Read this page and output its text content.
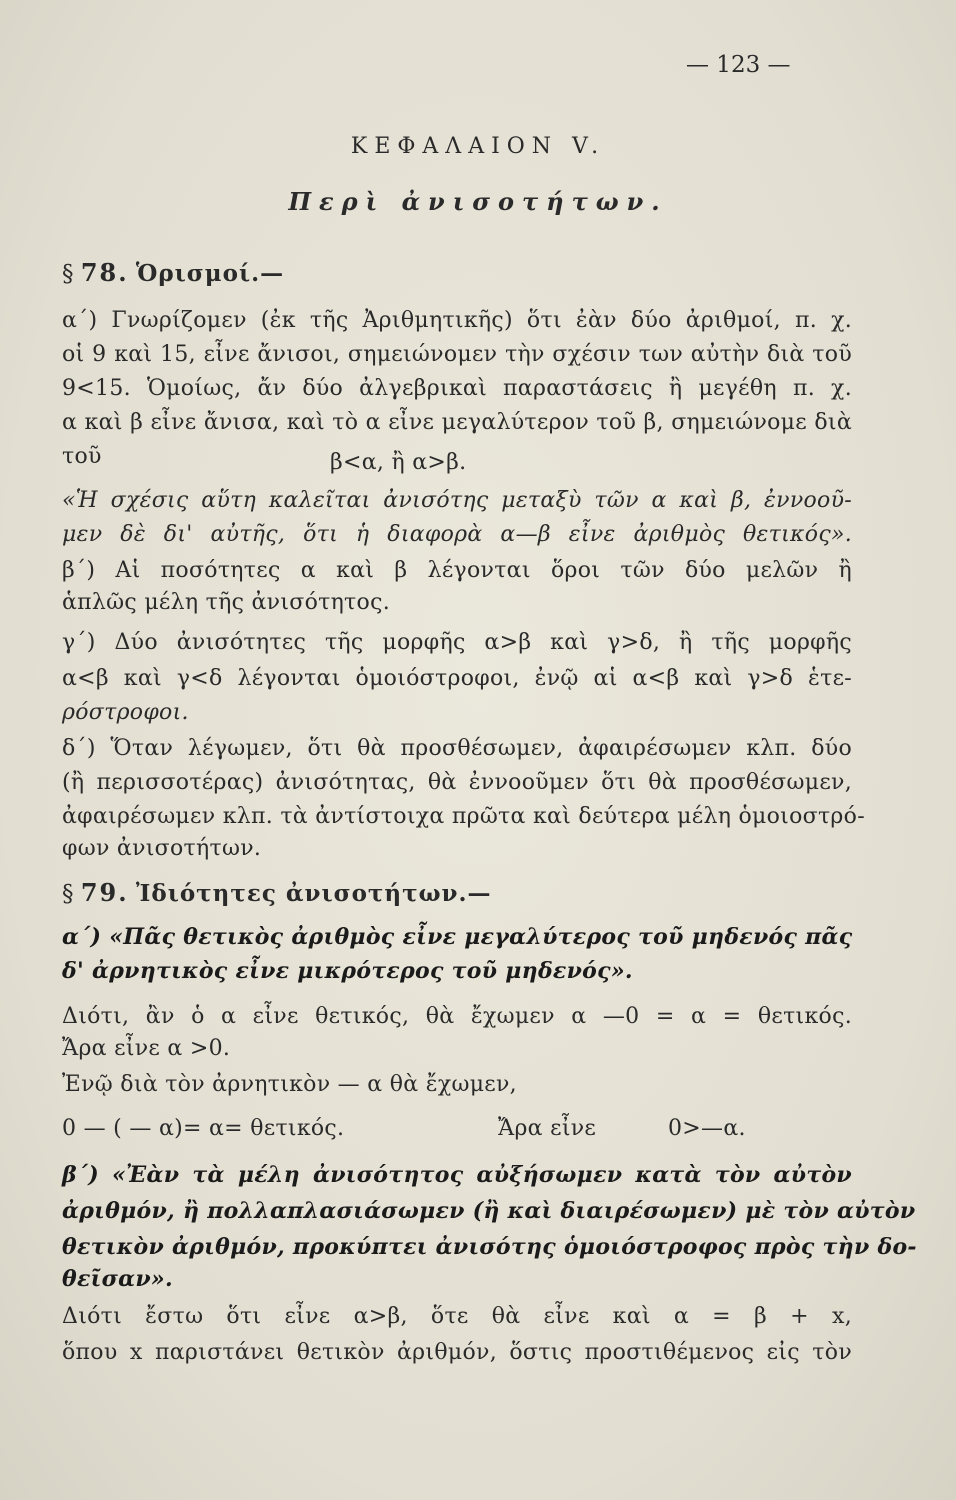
— 123 —
ΚΕΦΑΛΑΙΟΝ V.
Περὶ ἀνισοτήτων.
§ 78. Ὁρισμοί.—
α΄) Γνωρίζομεν (ἐκ τῆς Ἀριθμητικῆς) ὅτι ἐὰν δύο ἀριθμοί, π. χ.
οἱ 9 καὶ 15, εἶνε ἄνισοι, σημειώνομεν τὴν σχέσιν των αὐτὴν διὰ τοῦ
9<15. Ὁμοίως, ἄν δύο ἀλγεβρικαὶ παραστάσεις ἢ μεγέθη π. χ.
α καὶ β εἶνε ἄνισα, καὶ τὸ α εἶνε μεγαλύτερον τοῦ β, σημειώνομε διὰ
τοῦ	β<α, ἢ α>β.
«Ἡ σχέσις αὕτη καλεῖται ἀνισότης μεταξὺ τῶν α καὶ β, ἐννοοῦ-
μεν δὲ δι' αὐτῆς, ὅτι ἡ διαφορὰ α—β εἶνε ἀριθμὸς θετικός».
β΄) Αἱ ποσότητες α καὶ β λέγονται ὅροι τῶν δύο μελῶν ἢ
ἁπλῶς μέλη τῆς ἀνισότητος.
γ΄) Δύο ἀνισότητες τῆς μορφῆς α>β καὶ γ>δ, ἢ τῆς μορφῆς
α<β καὶ γ<δ λέγονται ὁμοιόστροφοι, ἐνῷ αἱ α<β καὶ γ>δ ἑτε-
ρόστροφοι.
δ΄) Ὅταν λέγωμεν, ὅτι θὰ προσθέσωμεν, ἀφαιρέσωμεν κλπ. δύο
(ἢ περισσοτέρας) ἀνισότητας, θὰ ἐννοοῦμεν ὅτι θὰ προσθέσωμεν,
ἀφαιρέσωμεν κλπ. τὰ ἀντίστοιχα πρῶτα καὶ δεύτερα μέλη ὁμοιοστρό-
φων ἀνισοτήτων.
§ 79. Ἰδιότητες ἀνισοτήτων.—
α΄) «Πᾶς θετικὸς ἀριθμὸς εἶνε μεγαλύτερος τοῦ μηδενός πᾶς
δ' ἀρνητικὸς εἶνε μικρότερος τοῦ μηδενός».
Διότι, ἂν ὁ α εἶνε θετικός, θὰ ἔχωμεν α —0 = α = θετικός.
Ἄρα εἶνε α >0.
Ἐνῷ διὰ τὸν ἀρνητικὸν — α θὰ ἔχωμεν,
0 — ( — α)= α= θετικός.	Ἄρα εἶνε	0>—α.
β΄) «Ἐὰν τὰ μέλη ἀνισότητος αὐξήσωμεν κατὰ τὸν αὐτὸν
ἀριθμόν, ἢ πολλαπλασιάσωμεν (ἢ καὶ διαιρέσωμεν) μὲ τὸν αὐτὸν
θετικὸν ἀριθμόν, προκύπτει ἀνισότης ὁμοιόστροφος πρὸς τὴν δο-
θεῖσαν».
Διότι ἔστω ὅτι εἶνε α>β, ὅτε θὰ εἶνε καὶ α = β + x,
ὅπου x παριστάνει θετικὸν ἀριθμόν, ὅστις προστιθέμενος εἰς τὸν
